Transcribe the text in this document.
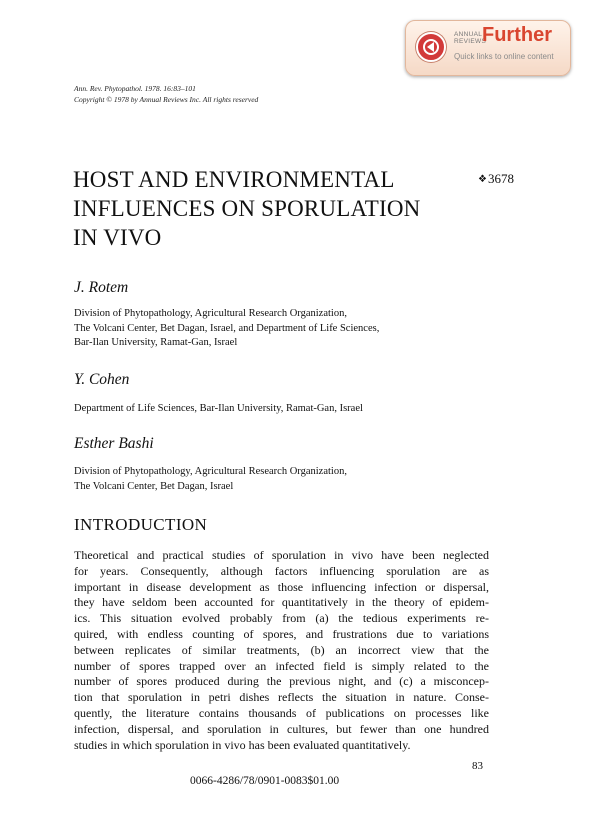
ANNUAL
REVIEWS
Further
Quick links to online content
Ann. Rev. Phytopathol. 1978. 16:83–101
Copyright © 1978 by Annual Reviews Inc. All rights reserved
HOST AND ENVIRONMENTAL
INFLUENCES ON SPORULATION
IN VIVO
❖3678
J. Rotem
Division of Phytopathology, Agricultural Research Organization,
The Volcani Center, Bet Dagan, Israel, and Department of Life Sciences,
Bar-Ilan University, Ramat-Gan, Israel
Y. Cohen
Department of Life Sciences, Bar-Ilan University, Ramat-Gan, Israel
Esther Bashi
Division of Phytopathology, Agricultural Research Organization,
The Volcani Center, Bet Dagan, Israel
INTRODUCTION
Theoretical and practical studies of sporulation in vivo have been neglected
for years. Consequently, although factors influencing sporulation are as
important in disease development as those influencing infection or dispersal,
they have seldom been accounted for quantitatively in the theory of epidem-
ics. This situation evolved probably from (a) the tedious experiments re-
quired, with endless counting of spores, and frustrations due to variations
between replicates of similar treatments, (b) an incorrect view that the
number of spores trapped over an infected field is simply related to the
number of spores produced during the previous night, and (c) a misconcep-
tion that sporulation in petri dishes reflects the situation in nature. Conse-
quently, the literature contains thousands of publications on processes like
infection, dispersal, and sporulation in cultures, but fewer than one hundred
studies in which sporulation in vivo has been evaluated quantitatively.
83
0066-4286/78/0901-0083$01.00
